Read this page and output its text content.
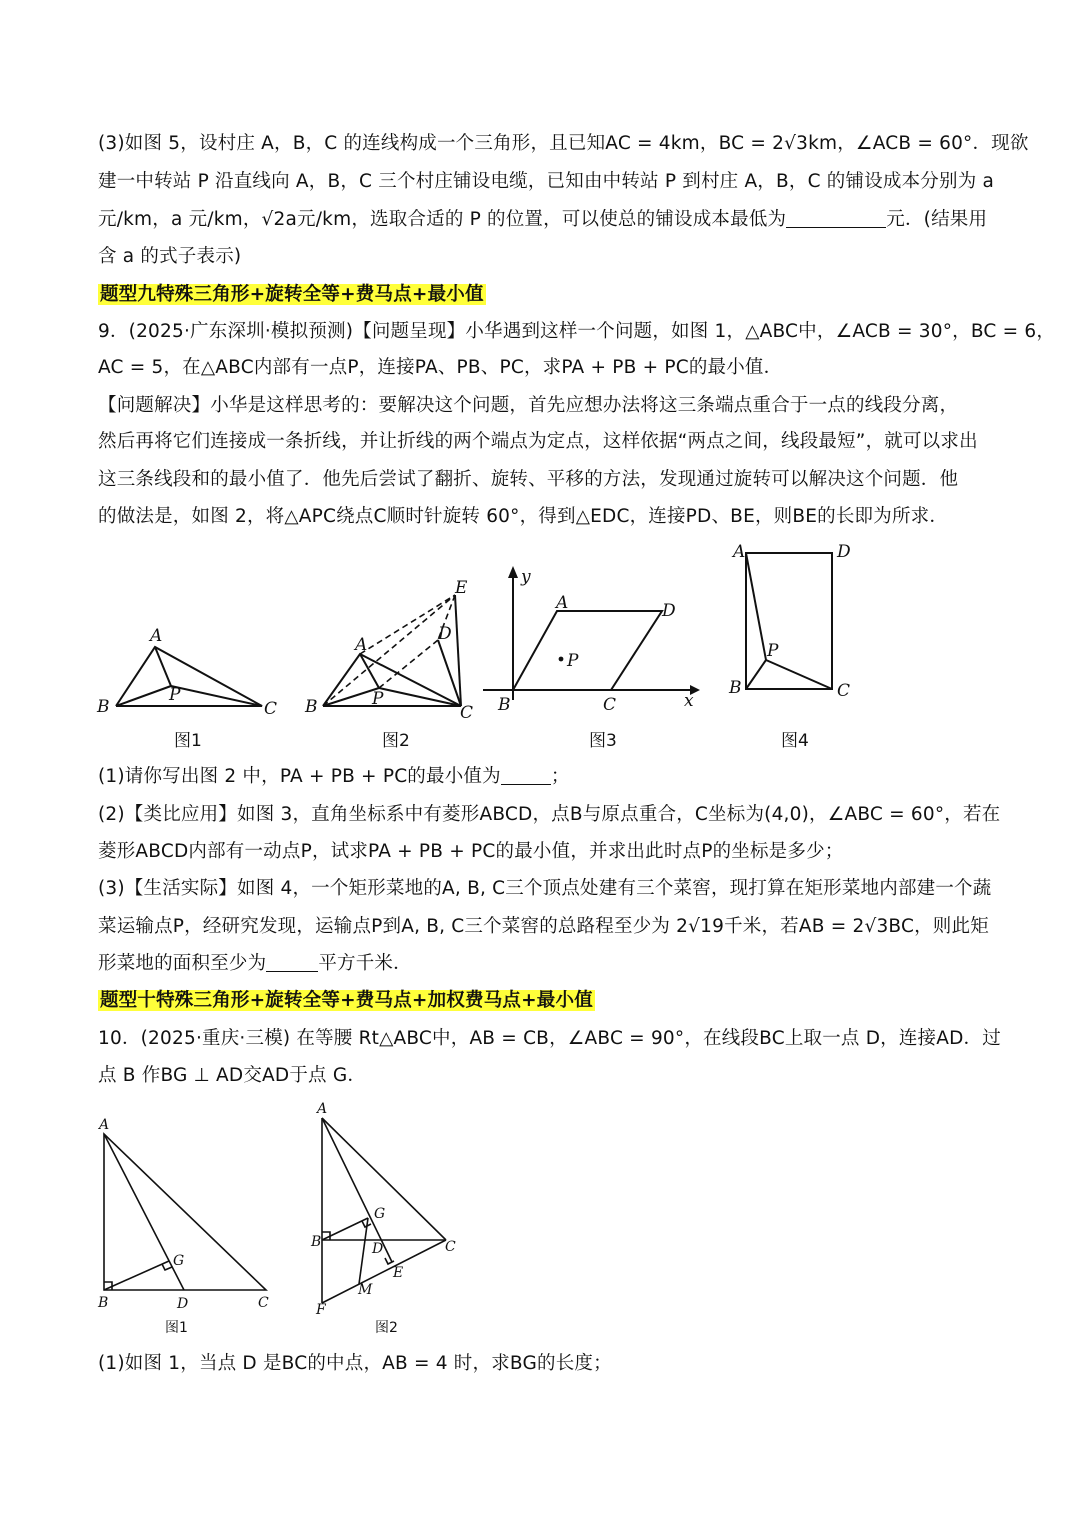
(3)如图 5，设村庄 A，B，C 的连线构成一个三角形，且已知AC = 4km，BC = 2√3km，∠ACB = 60°．现欲
建一中转站 P 沿直线向 A，B，C 三个村庄铺设电缆，已知由中转站 P 到村庄 A，B，C 的铺设成本分别为 a
元/km，a 元/km，√2a元/km，选取合适的 P 的位置，可以使总的铺设成本最低为	元．(结果用
含 a 的式子表示)
题型九特殊三角形+旋转全等+费马点+最小值
9．(2025·广东深圳·模拟预测)【问题呈现】小华遇到这样一个问题，如图 1，△ABC中，∠ACB = 30°，BC = 6，
AC = 5，在△ABC内部有一点P，连接PA、PB、PC，求PA + PB + PC的最小值．
【问题解决】小华是这样思考的：要解决这个问题，首先应想办法将这三条端点重合于一点的线段分离，
然后再将它们连接成一条折线，并让折线的两个端点为定点，这样依据“两点之间，线段最短”，就可以求出
这三条线段和的最小值了．他先后尝试了翻折、旋转、平移的方法，发现通过旋转可以解决这个问题．他
的做法是，如图 2，将△APC绕点C顺时针旋转 60°，得到△EDC，连接PD、BE，则BE的长即为所求．
A
B	C
P
图1
A
B	C
D
E
P
图2
y
x
A	D
B	C
P
图3
A	D
B	C
P
图4
(1)请你写出图 2 中，PA + PB + PC的最小值为	；
(2)【类比应用】如图 3，直角坐标系中有菱形ABCD，点B与原点重合，C坐标为(4,0)，∠ABC = 60°，若在
菱形ABCD内部有一动点P，试求PA + PB + PC的最小值，并求出此时点P的坐标是多少；
(3)【生活实际】如图 4，一个矩形菜地的A, B, C三个顶点处建有三个菜窖，现打算在矩形菜地内部建一个蔬
菜运输点P，经研究发现，运输点P到A, B, C三个菜窖的总路程至少为 2√19千米，若AB = 2√3BC，则此矩
形菜地的面积至少为	平方千米．
题型十特殊三角形+旋转全等+费马点+加权费马点+最小值
10．(2025·重庆·三模) 在等腰 Rt△ABC中，AB = CB，∠ABC = 90°，在线段BC上取一点 D，连接AD．过
点 B 作BG ⊥ AD交AD于点 G．
A
B	C
D
G
图1
A
B	C
D
G
E
M
F
图2
(1)如图 1，当点 D 是BC的中点，AB = 4 时，求BG的长度；
